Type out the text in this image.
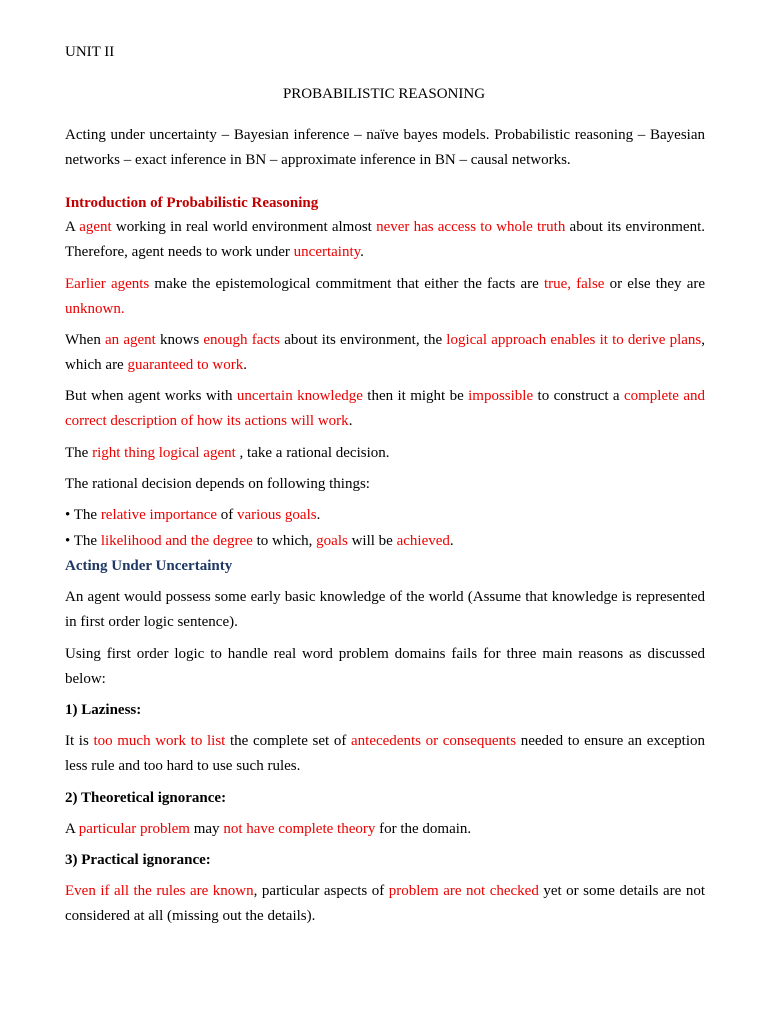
UNIT II
PROBABILISTIC REASONING
Acting under uncertainty – Bayesian inference – naïve bayes models. Probabilistic reasoning – Bayesian networks – exact inference in BN – approximate inference in BN – causal networks.
Introduction of Probabilistic Reasoning
A agent working in real world environment almost never has access to whole truth about its environment. Therefore, agent needs to work under uncertainty.
Earlier agents make the epistemological commitment that either the facts are true, false or else they are unknown.
When an agent knows enough facts about its environment, the logical approach enables it to derive plans, which are guaranteed to work.
But when agent works with uncertain knowledge then it might be impossible to construct a complete and correct description of how its actions will work.
The right thing logical agent , take a rational decision.
The rational decision depends on following things:
• The relative importance of various goals.
• The likelihood and the degree to which, goals will be achieved.
Acting Under Uncertainty
An agent would possess some early basic knowledge of the world (Assume that knowledge is represented in first order logic sentence).
Using first order logic to handle real word problem domains fails for three main reasons as discussed below:
1) Laziness:
It is too much work to list the complete set of antecedents or consequents needed to ensure an exception less rule and too hard to use such rules.
2) Theoretical ignorance:
A particular problem may not have complete theory for the domain.
3) Practical ignorance:
Even if all the rules are known, particular aspects of problem are not checked yet or some details are not considered at all (missing out the details).
